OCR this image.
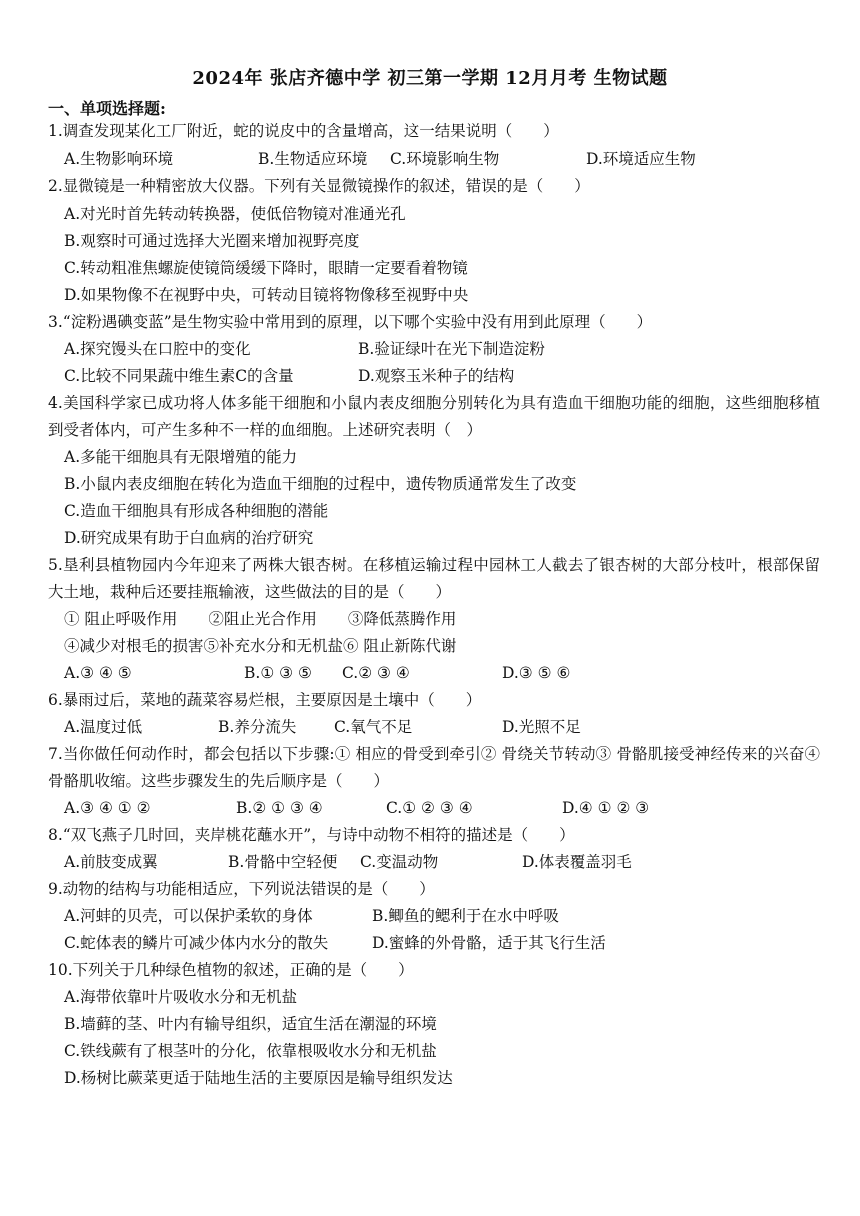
2024年 张店齐德中学 初三第一学期 12月月考 生物试题
一、单项选择题:
1.调查发现某化工厂附近，蛇的说皮中的含量增高，这一结果说明（　　）
A.生物影响环境	B.生物适应环境 C.环境影响生物	D.环境适应生物
2.显微镜是一种精密放大仪器。下列有关显微镜操作的叙述，错误的是（　　）
A.对光时首先转动转换器，使低倍物镜对准通光孔
B.观察时可通过选择大光圈来增加视野亮度
C.转动粗准焦螺旋使镜筒缓缓下降时，眼睛一定要看着物镜
D.如果物像不在视野中央，可转动目镜将物像移至视野中央
3.“淀粉遇碘变蓝”是生物实验中常用到的原理，以下哪个实验中没有用到此原理（　　）
A.探究馒头在口腔中的变化	B.验证绿叶在光下制造淀粉
C.比较不同果蔬中维生素C的含量	D.观察玉米种子的结构
4.美国科学家已成功将人体多能干细胞和小鼠内表皮细胞分别转化为具有造血干细胞功能的细胞，这些细胞移植到受者体内，可产生多种不一样的血细胞。上述研究表明（　）
A.多能干细胞具有无限增殖的能力
B.小鼠内表皮细胞在转化为造血干细胞的过程中，遗传物质通常发生了改变
C.造血干细胞具有形成各种细胞的潜能
D.研究成果有助于白血病的治疗研究
5.垦利县植物园内今年迎来了两株大银杏树。在移植运输过程中园林工人截去了银杏树的大部分枝叶，根部保留大土地，栽种后还要挂瓶输液，这些做法的目的是（　　）
① 阻止呼吸作用　　②阻止光合作用　　③降低蒸腾作用
④减少对根毛的损害⑤补充水分和无机盐⑥ 阻止新陈代谢
A.③ ④ ⑤	B.① ③ ⑤ C.② ③ ④	D.③ ⑤ ⑥
6.暴雨过后，菜地的蔬菜容易烂根，主要原因是土壤中（　　）
A.温度过低	B.养分流失 C.氧气不足	D.光照不足
7.当你做任何动作时，都会包括以下步骤:① 相应的骨受到牵引② 骨绕关节转动③ 骨骼肌接受神经传来的兴奋④ 骨骼肌收缩。这些步骤发生的先后顺序是（　　）
A.③ ④ ① ②	B.② ① ③ ④	C.① ② ③ ④	D.④ ① ② ③
8.“双飞燕子几时回，夹岸桃花蘸水开”，与诗中动物不相符的描述是（　　）
A.前肢变成翼	B.骨骼中空轻便 C.变温动物	D.体表覆盖羽毛
9.动物的结构与功能相适应，下列说法错误的是（　　）
A.河蚌的贝壳，可以保护柔软的身体	B.鲫鱼的鳃利于在水中呼吸
C.蛇体表的鳞片可减少体内水分的散失	D.蜜蜂的外骨骼，适于其飞行生活
10.下列关于几种绿色植物的叙述，正确的是（　　）
A.海带依靠叶片吸收水分和无机盐
B.墙藓的茎、叶内有输导组织，适宜生活在潮湿的环境
C.铁线蕨有了根茎叶的分化，依靠根吸收水分和无机盐
D.杨树比蕨菜更适于陆地生活的主要原因是输导组织发达
